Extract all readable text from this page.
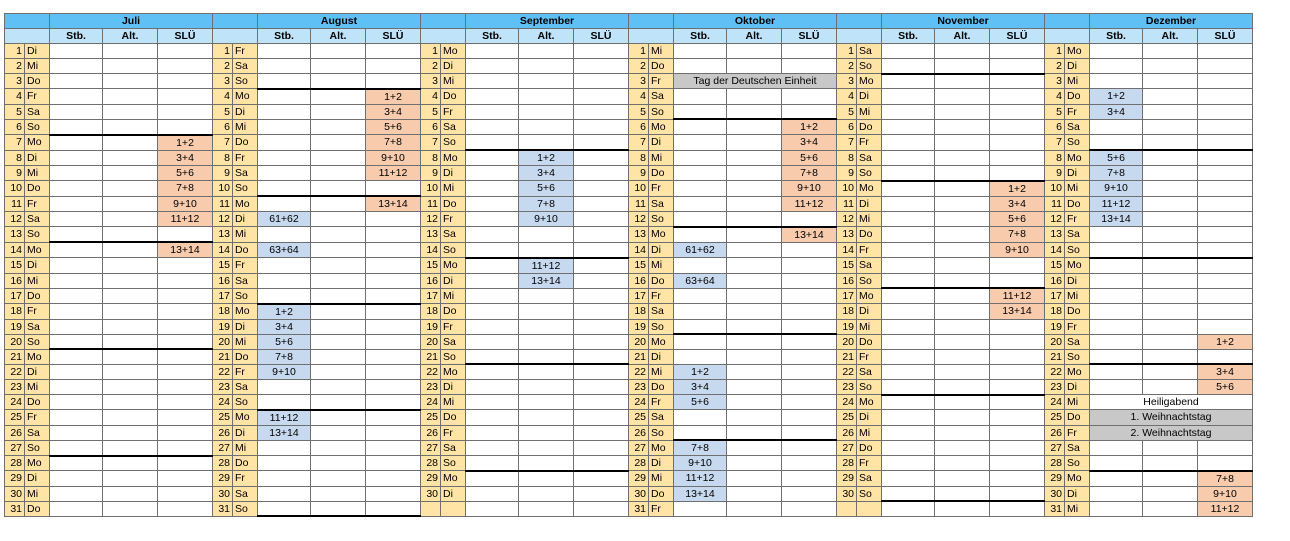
		Juli					August					September					Oktober					November					Dezember		
		Stb.	Alt.	SLÜ			Stb.	Alt.	SLÜ			Stb.	Alt.	SLÜ			Stb.	Alt.	SLÜ			Stb.	Alt.	SLÜ			Stb.	Alt.	SLÜ
1	Di				1	Fr				1	Mo				1	Mi				1	Sa				1	Mo			
2	Mi				2	Sa				2	Di				2	Do				2	So				2	Di			
3	Do				3	So				3	Mi				3	Fr	Tag der Deutschen Einheit			3	Mo				3	Mi			
4	Fr				4	Mo			1+2	4	Do				4	Sa				4	Di				4	Do	1+2		
5	Sa				5	Di			3+4	5	Fr				5	So				5	Mi				5	Fr	3+4		
6	So				6	Mi			5+6	6	Sa				6	Mo			1+2	6	Do				6	Sa			
7	Mo			1+2	7	Do			7+8	7	So				7	Di			3+4	7	Fr				7	So			
8	Di			3+4	8	Fr			9+10	8	Mo		1+2		8	Mi			5+6	8	Sa				8	Mo	5+6		
9	Mi			5+6	9	Sa			11+12	9	Di		3+4		9	Do			7+8	9	So				9	Di	7+8		
10	Do			7+8	10	So				10	Mi		5+6		10	Fr			9+10	10	Mo			1+2	10	Mi	9+10		
11	Fr			9+10	11	Mo			13+14	11	Do		7+8		11	Sa			11+12	11	Di			3+4	11	Do	11+12		
12	Sa			11+12	12	Di	61+62			12	Fr		9+10		12	So				12	Mi			5+6	12	Fr	13+14		
13	So				13	Mi				13	Sa				13	Mo			13+14	13	Do			7+8	13	Sa			
14	Mo			13+14	14	Do	63+64			14	So				14	Di	61+62			14	Fr			9+10	14	So			
15	Di				15	Fr				15	Mo		11+12		15	Mi				15	Sa				15	Mo			
16	Mi				16	Sa				16	Di		13+14		16	Do	63+64			16	So				16	Di			
17	Do				17	So				17	Mi				17	Fr				17	Mo			11+12	17	Mi			
18	Fr				18	Mo	1+2			18	Do				18	Sa				18	Di			13+14	18	Do			
19	Sa				19	Di	3+4			19	Fr				19	So				19	Mi				19	Fr			
20	So				20	Mi	5+6			20	Sa				20	Mo				20	Do				20	Sa			1+2
21	Mo				21	Do	7+8			21	So				21	Di				21	Fr				21	So			
22	Di				22	Fr	9+10			22	Mo				22	Mi	1+2			22	Sa				22	Mo			3+4
23	Mi				23	Sa				23	Di				23	Do	3+4			23	So				23	Di			5+6
24	Do				24	So				24	Mi				24	Fr	5+6			24	Mo				24	Mi	Heiligabend		
25	Fr				25	Mo	11+12			25	Do				25	Sa				25	Di				25	Do	1. Weihnachtstag		
26	Sa				26	Di	13+14			26	Fr				26	So				26	Mi				26	Fr	2. Weihnachtstag		
27	So				27	Mi				27	Sa				27	Mo	7+8			27	Do				27	Sa			
28	Mo				28	Do				28	So				28	Di	9+10			28	Fr				28	So			
29	Di				29	Fr				29	Mo				29	Mi	11+12			29	Sa				29	Mo			7+8
30	Mi				30	Sa				30	Di				30	Do	13+14			30	So				30	Di			9+10
31	Do				31	So									31	Fr									31	Mi			11+12
